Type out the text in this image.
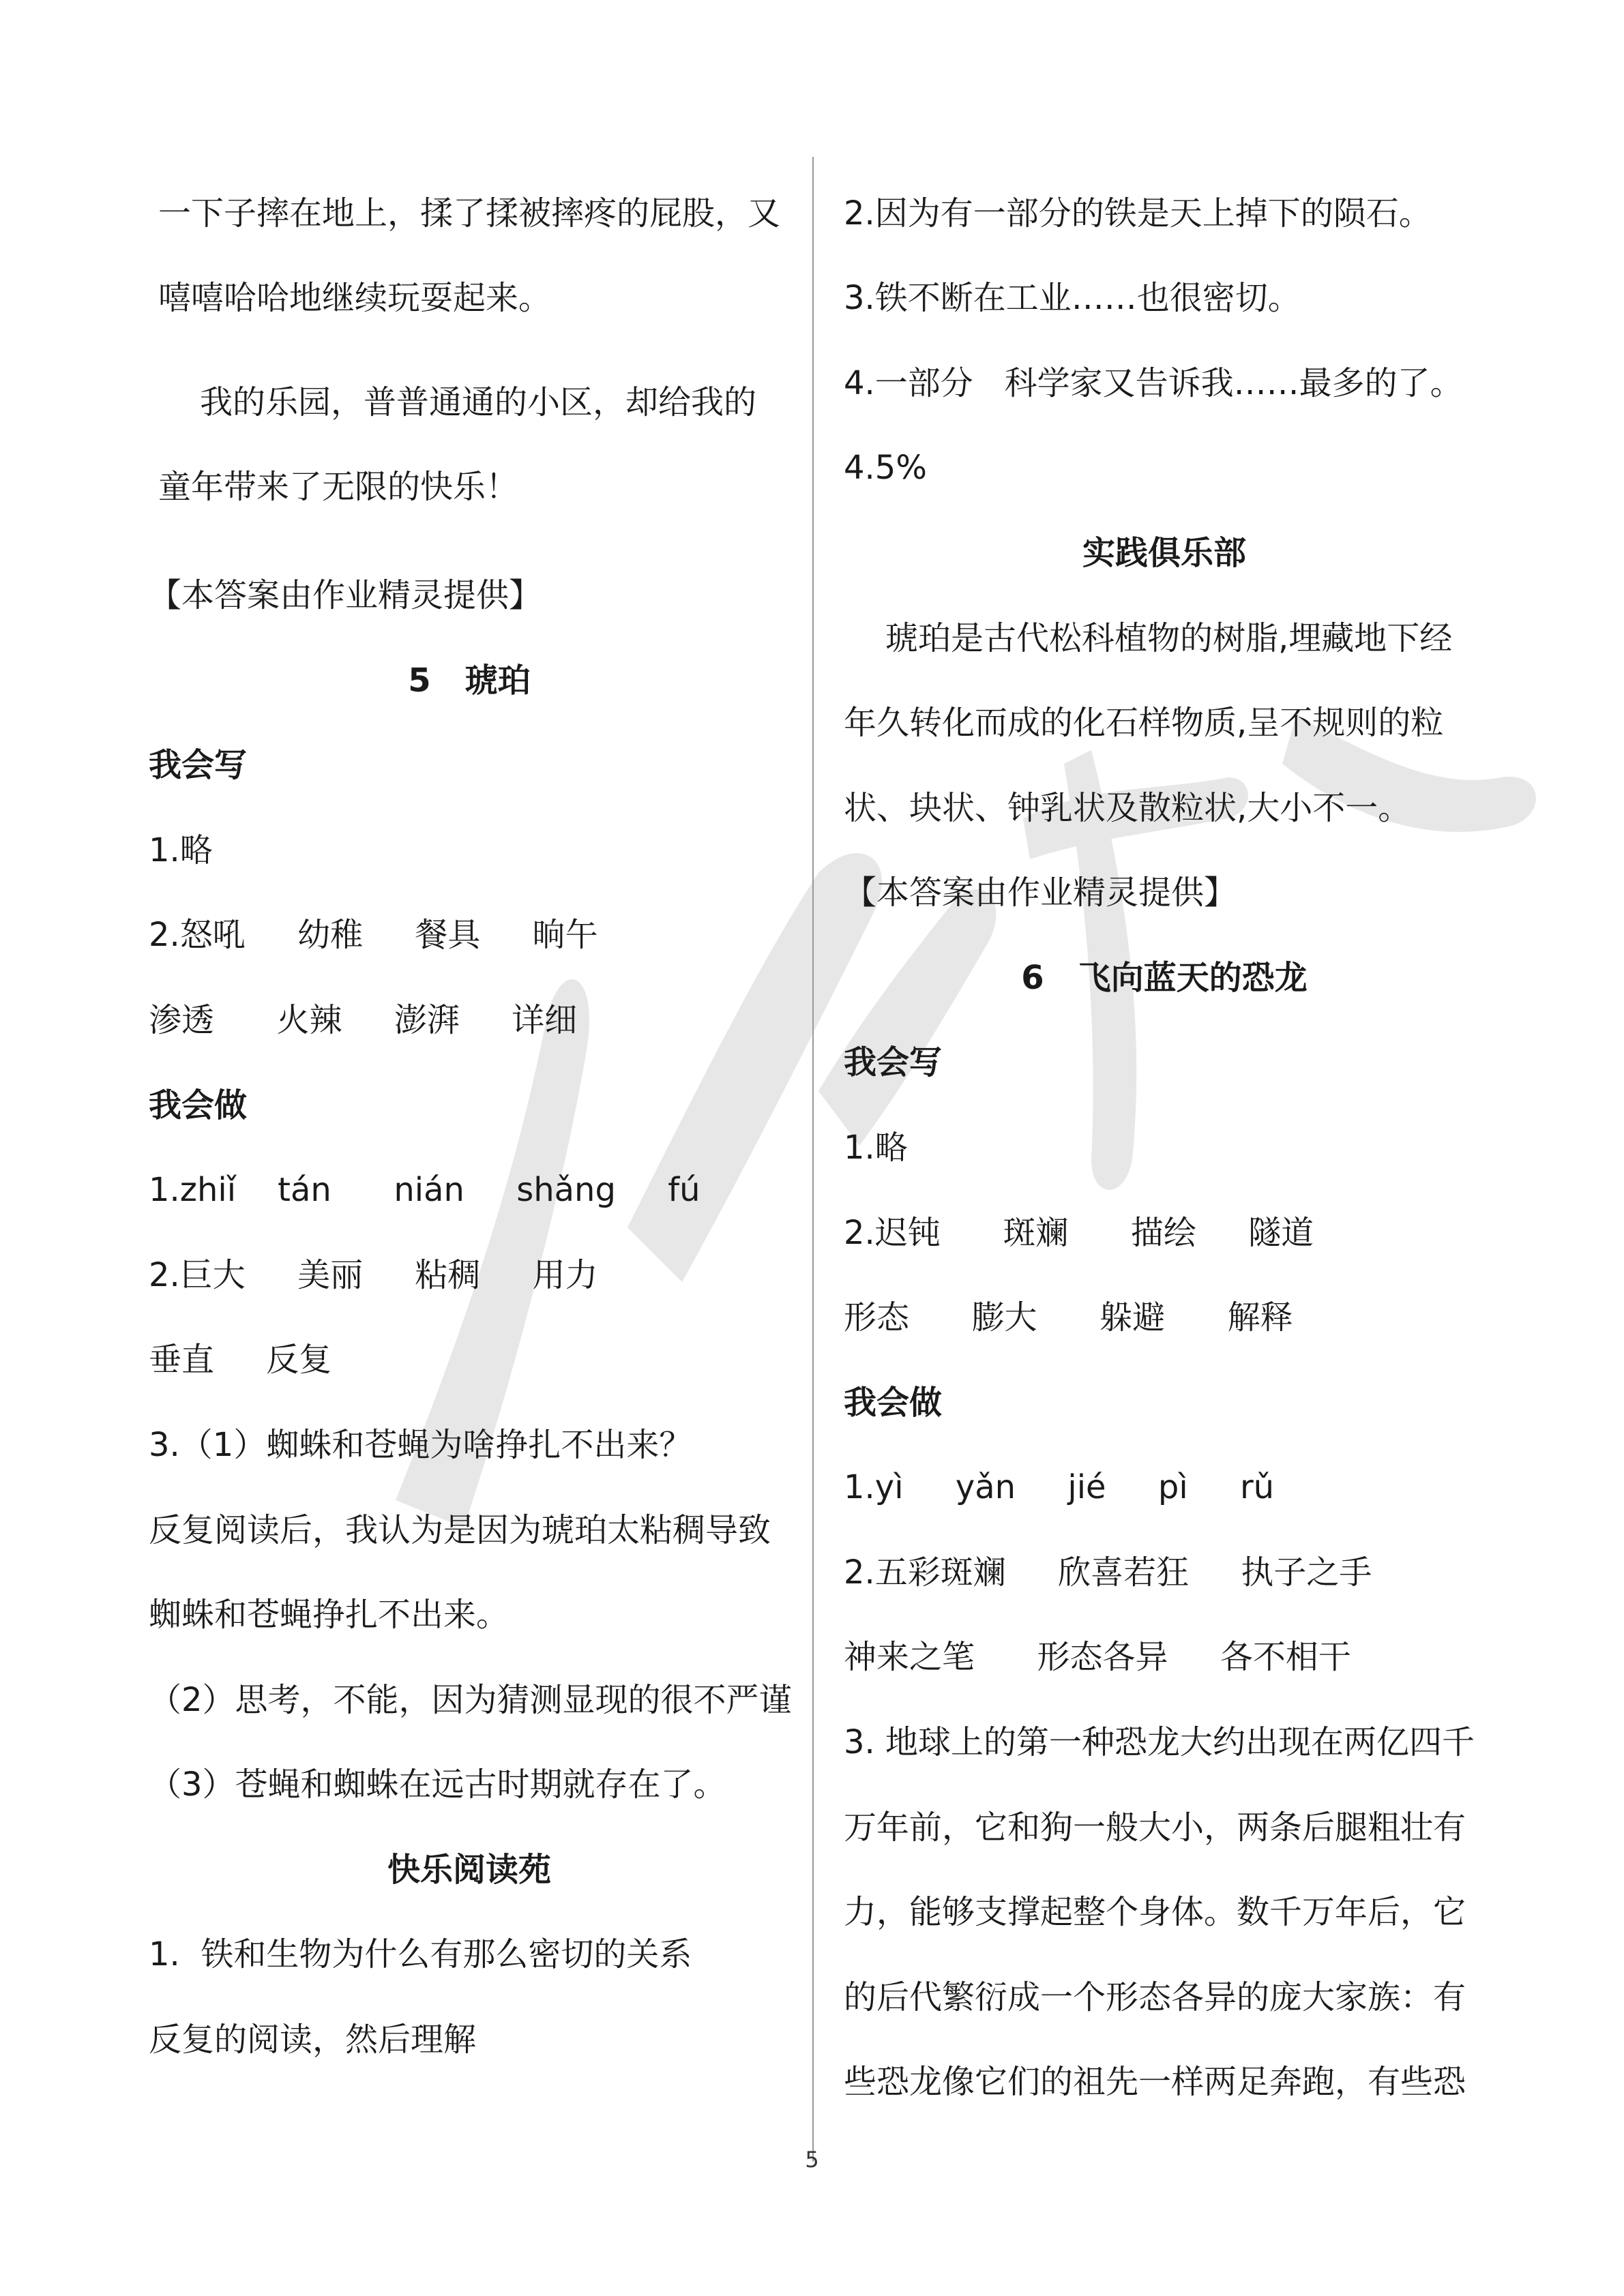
一下子摔在地上，揉了揉被摔疼的屁股，又
嘻嘻哈哈地继续玩耍起来。
我的乐园，普普通通的小区，却给我的
童年带来了无限的快乐！
【本答案由作业精灵提供】
5   琥珀
我会写
1.略
2.怒吼     幼稚     餐具     晌午
渗透      火辣     澎湃     详细
我会做
1.zhiǐ    tán      nián     shǎng     fú
2.巨大     美丽     粘稠     用力
垂直     反复
3.（1）蜘蛛和苍蝇为啥挣扎不出来？
反复阅读后，我认为是因为琥珀太粘稠导致
蜘蛛和苍蝇挣扎不出来。
（2）思考，不能，因为猜测显现的很不严谨
（3）苍蝇和蜘蛛在远古时期就存在了。
快乐阅读苑
1.  铁和生物为什么有那么密切的关系
反复的阅读，然后理解
2.因为有一部分的铁是天上掉下的陨石。
3.铁不断在工业……也很密切。
4.一部分   科学家又告诉我……最多的了。
4.5%
实践俱乐部
琥珀是古代松科植物的树脂,埋藏地下经
年久转化而成的化石样物质,呈不规则的粒
状、块状、钟乳状及散粒状,大小不一。
【本答案由作业精灵提供】
6   飞向蓝天的恐龙
我会写
1.略
2.迟钝      斑斓      描绘     隧道
形态      膨大      躲避      解释
我会做
1.yì     yǎn     jié     pì     rǔ
2.五彩斑斓     欣喜若狂     执子之手
神来之笔      形态各异     各不相干
3. 地球上的第一种恐龙大约出现在两亿四千
万年前，它和狗一般大小，两条后腿粗壮有
力，能够支撑起整个身体。数千万年后，它
的后代繁衍成一个形态各异的庞大家族：有
些恐龙像它们的祖先一样两足奔跑，有些恐
5
